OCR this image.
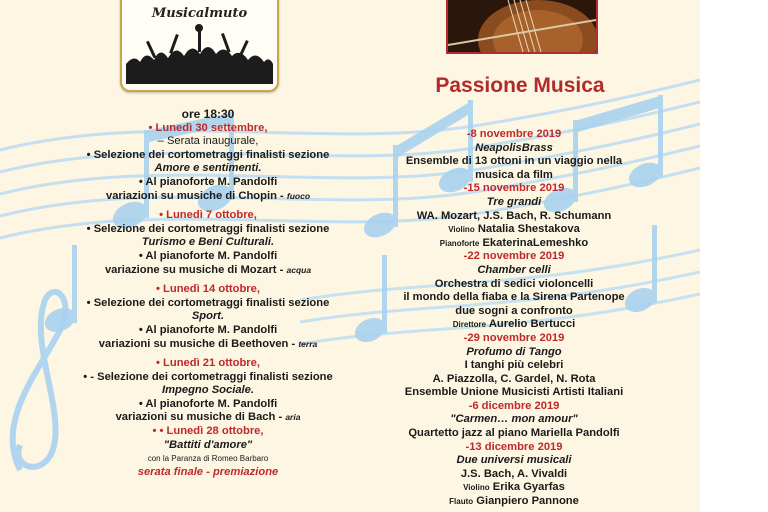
Musicalmuto
Passione Musica
ore 18:30
• Lunedì 30 settembre,
– Serata inaugurale,
• Selezione dei cortometraggi finalisti sezione
Amore e sentimenti.
• Al pianoforte M. Pandolfi
variazioni su musiche di Chopin - fuoco
• Lunedì 7 ottobre,
• Selezione dei cortometraggi finalisti sezione
Turismo e Beni Culturali.
• Al pianoforte M. Pandolfi
variazione su musiche di Mozart - acqua
• Lunedì 14 ottobre,
• Selezione dei cortometraggi finalisti sezione
Sport.
• Al pianoforte M. Pandolfi
variazioni su musiche di Beethoven - terra
• Lunedì 21 ottobre,
• - Selezione dei cortometraggi finalisti sezione
Impegno Sociale.
• Al pianoforte M. Pandolfi
variazioni su musiche di Bach - aria
• • Lunedì 28 ottobre,
"Battiti d'amore"
con la Paranza di Romeo Barbaro
serata finale - premiazione
-8 novembre 2019
NeapolisBrass
Ensemble di 13 ottoni in un viaggio nella
musica da film
-15 novembre 2019
Tre grandi
WA. Mozart, J.S. Bach, R. Schumann
Violino Natalia Shestakova
Pianoforte EkaterinaLemeshko
-22 novembre 2019
Chamber celli
Orchestra di sedici violoncelli
il mondo della fiaba e la Sirena Partenope
due sogni a confronto
Direttore Aurelio Bertucci
-29 novembre 2019
Profumo di Tango
I tanghi più celebri
A. Piazzolla, C. Gardel, N. Rota
Ensemble Unione Musicisti Artisti Italiani
-6 dicembre 2019
"Carmen… mon amour"
Quartetto jazz al piano Mariella Pandolfi
-13 dicembre 2019
Due universi musicali
J.S. Bach, A. Vivaldi
Violino Erika Gyarfas
Flauto Gianpiero Pannone
